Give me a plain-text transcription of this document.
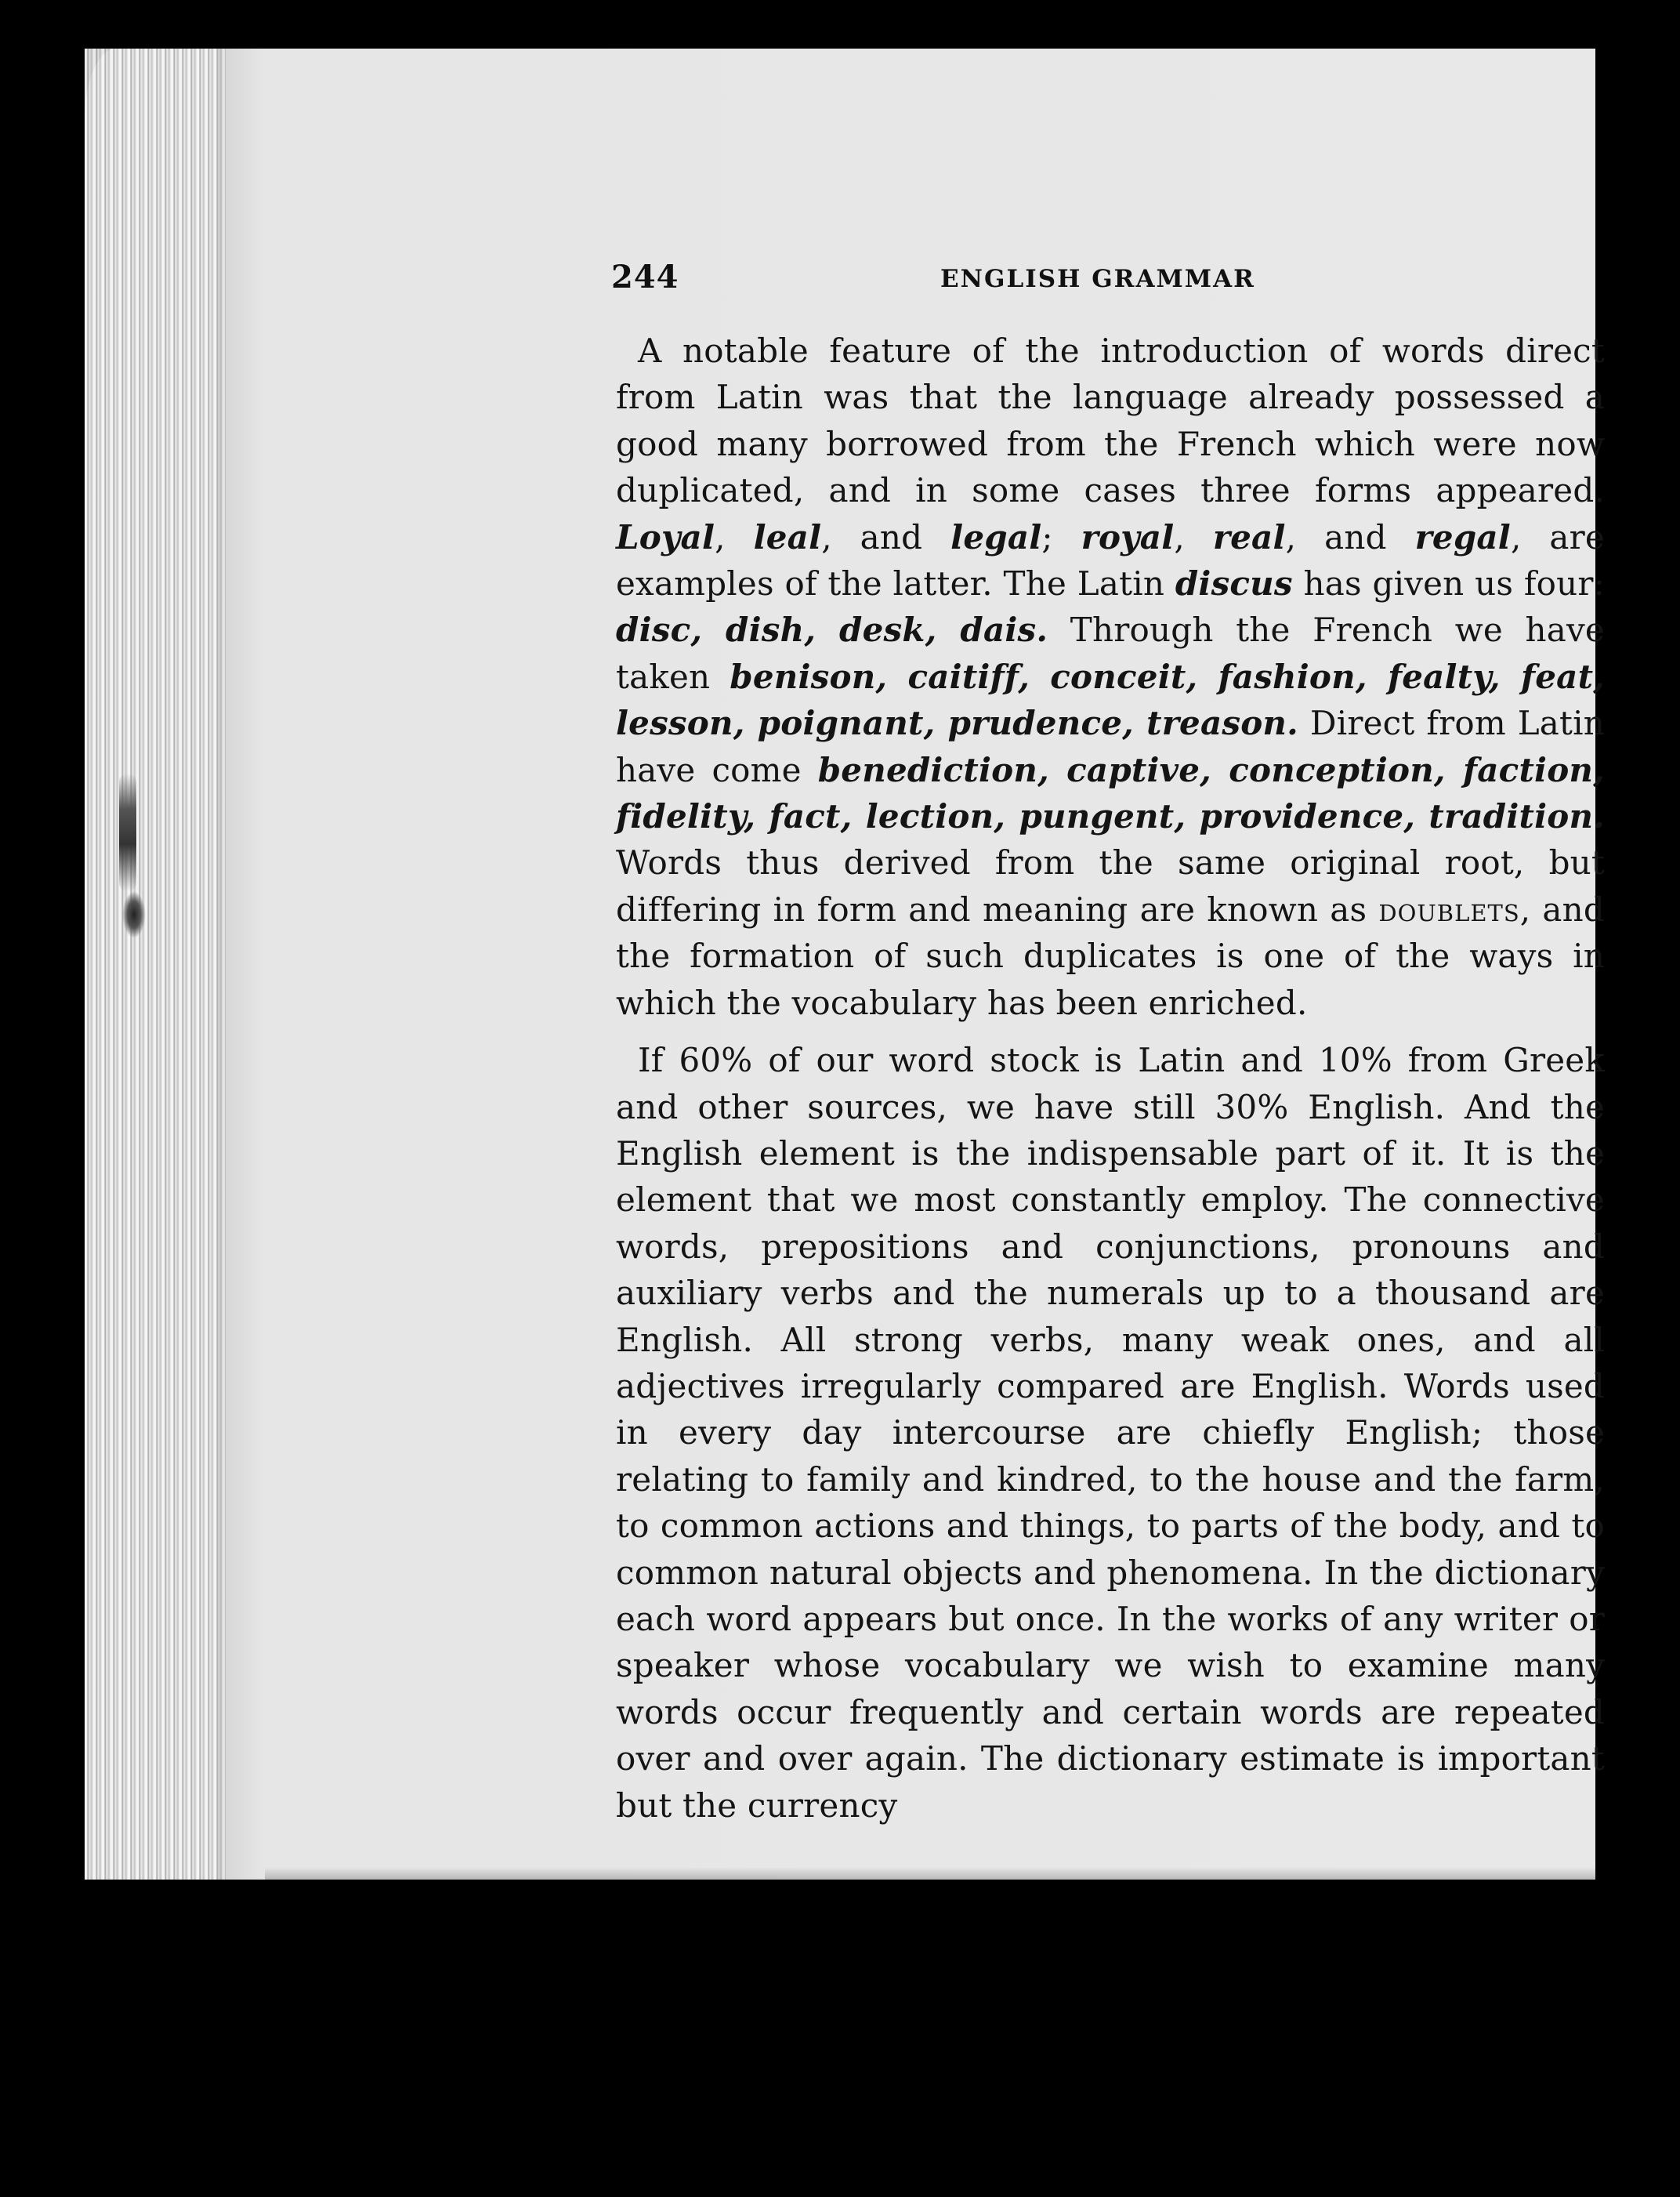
244	ENGLISH GRAMMAR

A notable feature of the introduction of words direct from Latin was that the language already possessed a good many borrowed from the French which were now duplicated, and in some cases three forms appeared. Loyal, leal, and legal; royal, real, and regal, are examples of the latter. The Latin discus has given us four: disc, dish, desk, dais. Through the French we have taken benison, caitiff, conceit, fashion, fealty, feat, lesson, poignant, prudence, treason. Direct from Latin have come benediction, captive, conception, faction, fidelity, fact, lection, pungent, providence, tradition. Words thus derived from the same original root, but differing in form and meaning are known as doublets, and the formation of such duplicates is one of the ways in which the vocabulary has been enriched.

If 60% of our word stock is Latin and 10% from Greek and other sources, we have still 30% English. And the English element is the indispensable part of it. It is the element that we most constantly employ. The connective words, prepositions and conjunctions, pronouns and auxiliary verbs and the numerals up to a thousand are English. All strong verbs, many weak ones, and all adjectives irregularly compared are English. Words used in every day intercourse are chiefly English; those relating to family and kindred, to the house and the farm, to common actions and things, to parts of the body, and to common natural objects and phenomena. In the dictionary each word appears but once. In the works of any writer or speaker whose vocabulary we wish to examine many words occur frequently and certain words are repeated over and over again. The dictionary estimate is important but the currency
